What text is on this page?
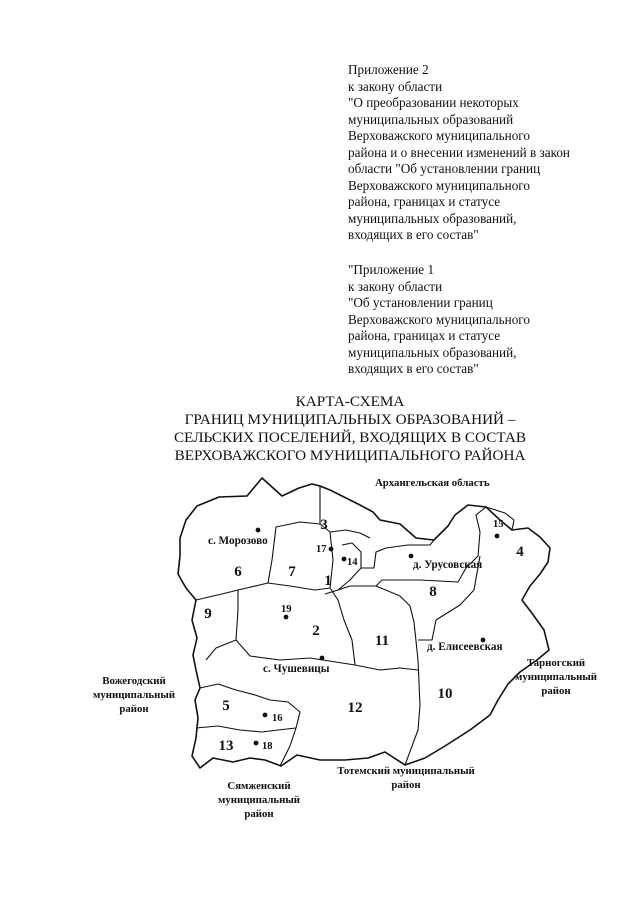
Приложение 2
к закону области
"О преобразовании некоторых
муниципальных образований
Верховажского муниципального
района и о внесении изменений в закон
области "Об установлении границ
Верховажского муниципального
района, границах и статусе
муниципальных образований,
входящих в его состав"
"Приложение 1
к закону области
"Об установлении границ
Верховажского муниципального
района, границах и статусе
муниципальных образований,
входящих в его состав"
КАРТА-СХЕМА
ГРАНИЦ МУНИЦИПАЛЬНЫХ ОБРАЗОВАНИЙ –
СЕЛЬСКИХ ПОСЕЛЕНИЙ, ВХОДЯЩИХ В СОСТАВ
ВЕРХОВАЖСКОГО МУНИЦИПАЛЬНОГО РАЙОНА
3
4
6	7
1
8
9
2
11
10
5	12
13
14
15
16
17
18
19
с. Морозово
д. Урусовская
д. Елисеевская
с. Чушевицы
Архангельская область
Вожегодский
муниципальный
район
Тарногский
муниципальный
район
Тотемский муниципальный
район
Сямженский
муниципальный
район
